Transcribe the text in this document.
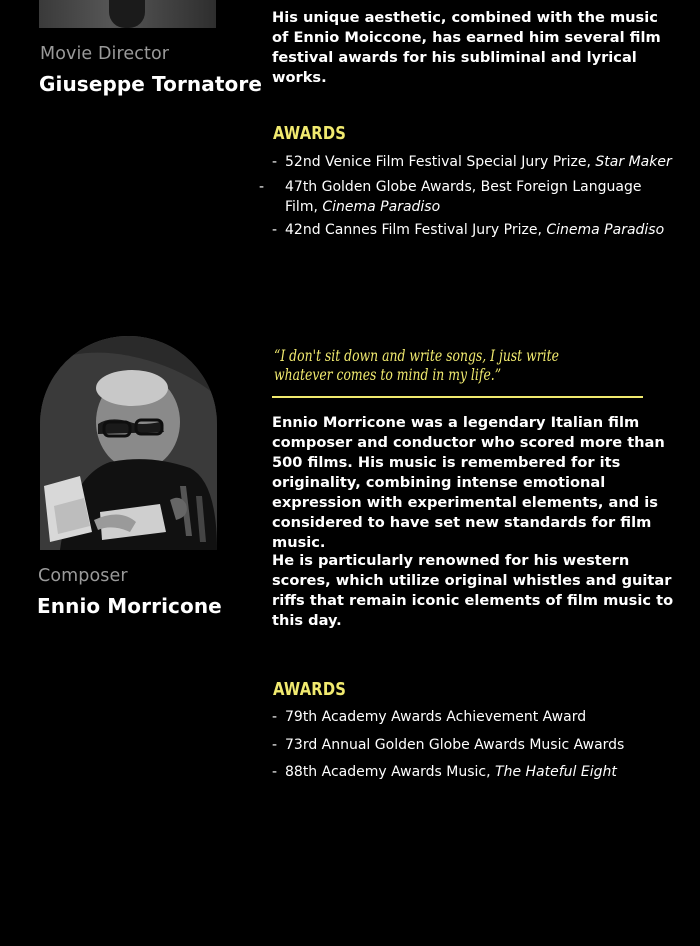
Movie Director
Giuseppe Tornatore
His unique aesthetic, combined with the music of Ennio Moiccone, has earned him several film festival awards for his subliminal and lyrical works.
AWARDS
- 52nd Venice Film Festival Special Jury Prize, Star Maker
- 47th Golden Globe Awards, Best Foreign Language Film, Cinema Paradiso
- 42nd Cannes Film Festival Jury Prize, Cinema Paradiso
Composer
Ennio Morricone
“I don't sit down and write songs, I just write whatever comes to mind in my life.”
Ennio Morricone was a legendary Italian film composer and conductor who scored more than 500 films. His music is remembered for its originality, combining intense emotional expression with experimental elements, and is considered to have set new standards for film music.
He is particularly renowned for his western scores, which utilize original whistles and guitar riffs that remain iconic elements of film music to this day.
AWARDS
- 79th Academy Awards Achievement Award
- 73rd Annual Golden Globe Awards Music Awards
- 88th Academy Awards Music, The Hateful Eight
